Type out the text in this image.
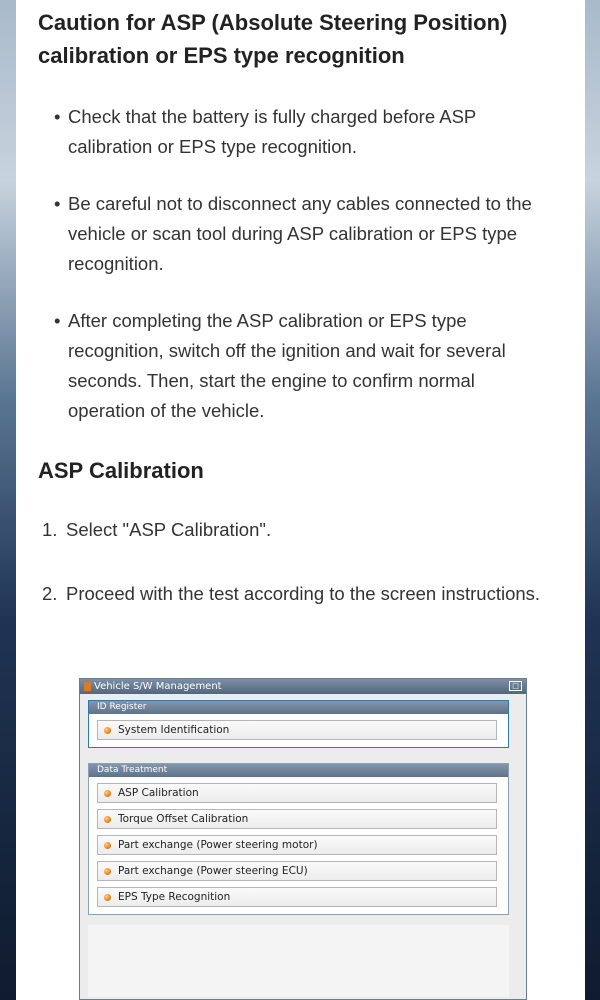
Caution for ASP (Absolute Steering Position) calibration or EPS type recognition
• Check that the battery is fully charged before ASP calibration or EPS type recognition.
• Be careful not to disconnect any cables connected to the vehicle or scan tool during ASP calibration or EPS type recognition.
• After completing the ASP calibration or EPS type recognition, switch off the ignition and wait for several seconds. Then, start the engine to confirm normal operation of the vehicle.
ASP Calibration
1. Select "ASP Calibration".
2. Proceed with the test according to the screen instructions.
Vehicle S/W Management	□
ID Register
System Identification
Data Treatment
ASP Calibration
Torque Offset Calibration
Part exchange (Power steering motor)
Part exchange (Power steering ECU)
EPS Type Recognition
